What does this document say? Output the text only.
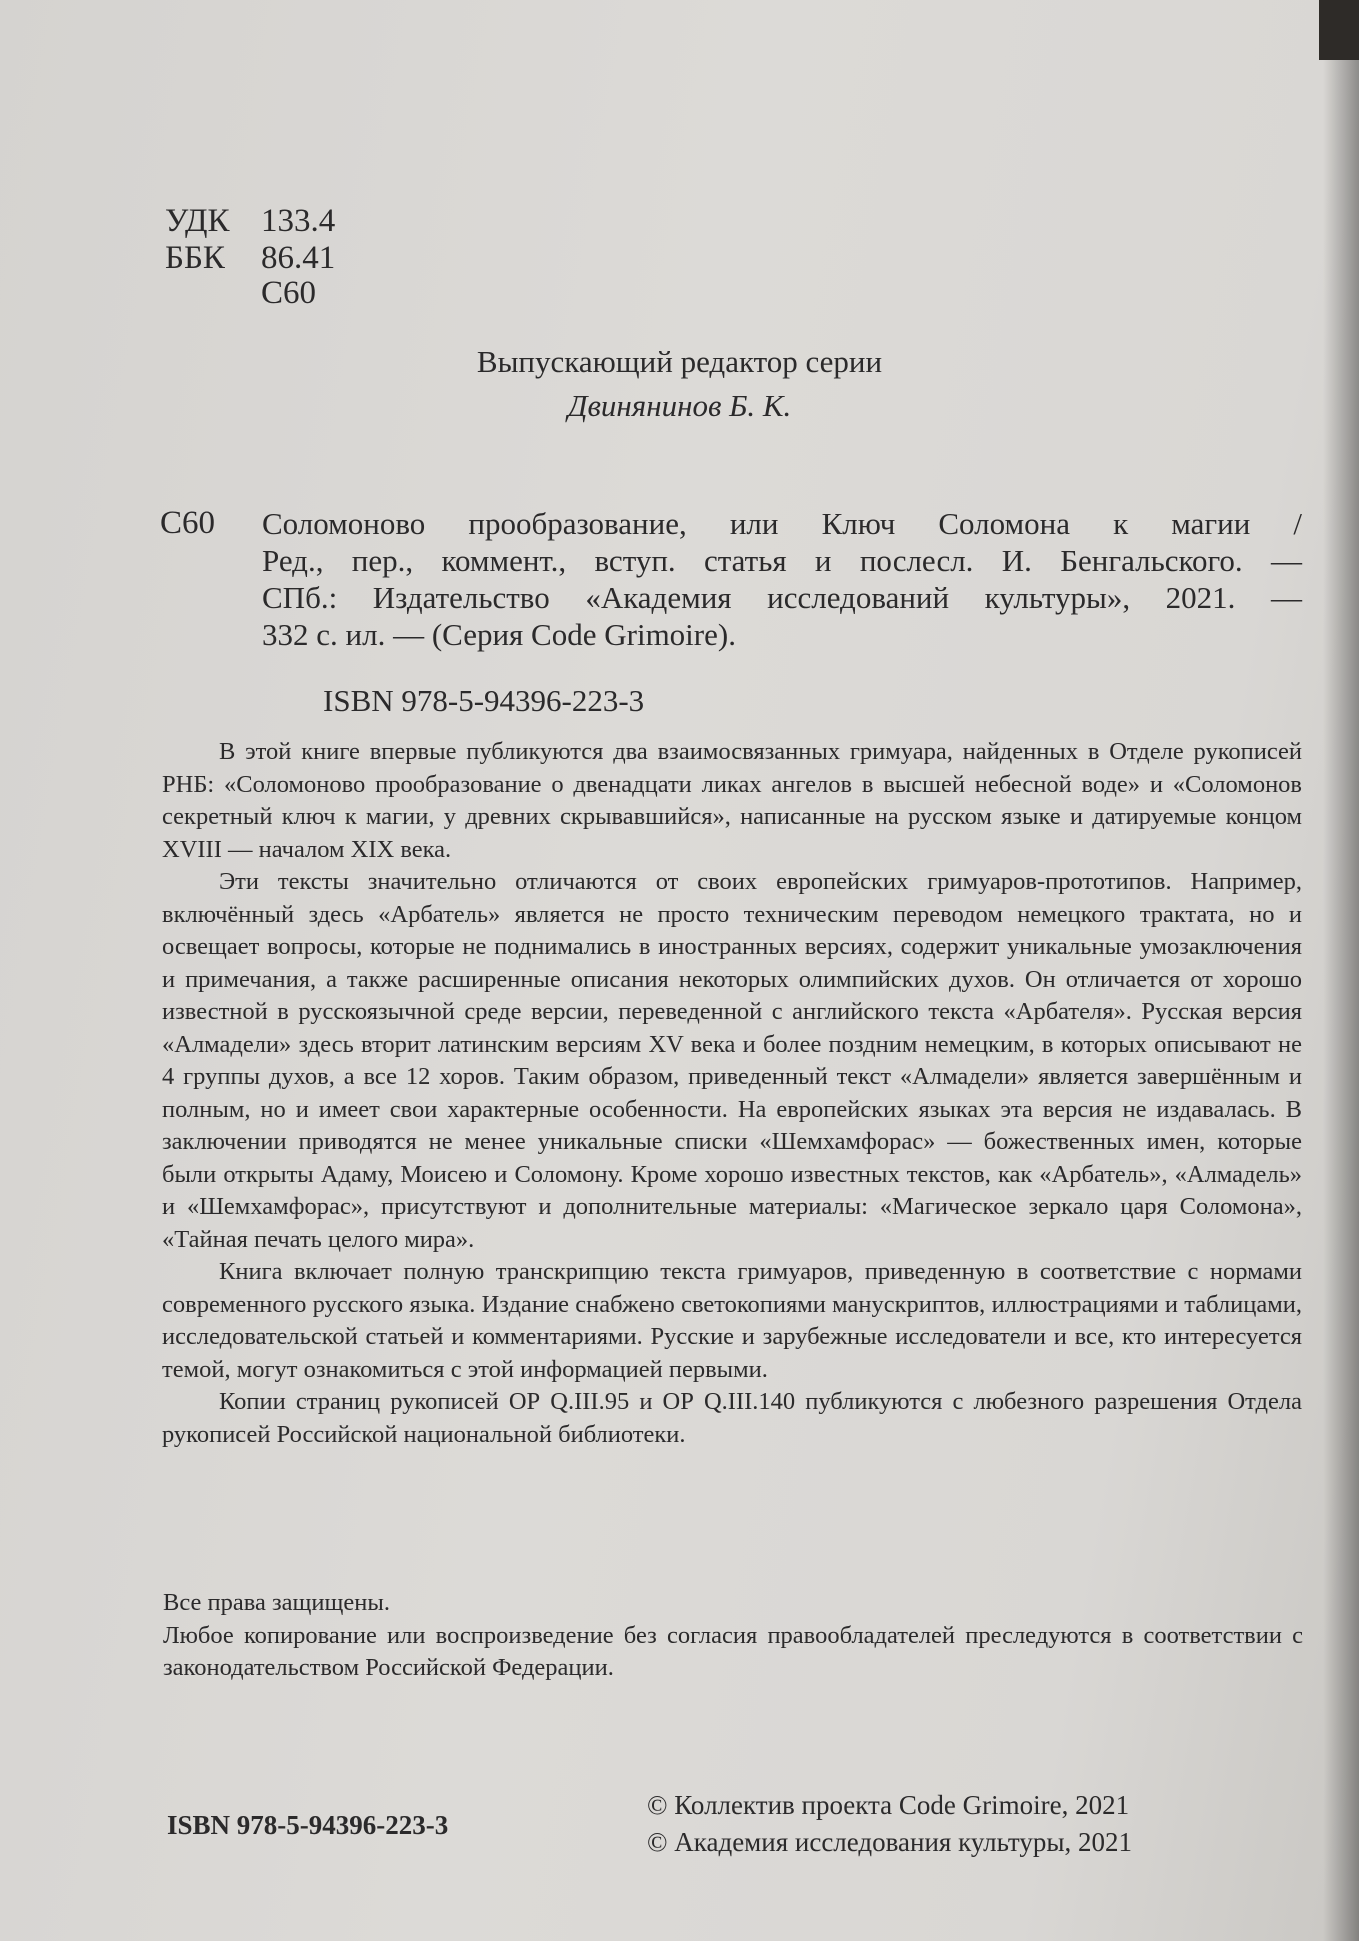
УДК 133.4
ББК 86.41
С60
Выпускающий редактор серии
Двинянинов Б. К.
С60 Соломоново прообразование, или Ключ Соломона к магии /
Ред., пер., коммент., вступ. статья и послесл. И. Бенгальского. —
СПб.: Издательство «Академия исследований культуры», 2021. —
332 с. ил. — (Серия Code Grimoire).
ISBN 978-5-94396-223-3

В этой книге впервые публикуются два взаимосвязанных гримуара, найденных в Отделе рукописей РНБ: «Соломоново прообразование о двенадцати ликах ангелов в высшей небесной воде» и «Соломонов секретный ключ к магии, у древних скрывавшийся», написанные на русском языке и датируемые концом XVIII — началом XIX века.

Эти тексты значительно отличаются от своих европейских гримуаров-прототипов. Например, включённый здесь «Арбатель» является не просто техническим переводом немецкого трактата, но и освещает вопросы, которые не поднимались в иностранных версиях, содержит уникальные умозаключения и примечания, а также расширенные описания некоторых олимпийских духов. Он отличается от хорошо известной в русскоязычной среде версии, переведенной с английского текста «Арбателя». Русская версия «Алмадели» здесь вторит латинским версиям XV века и более поздним немецким, в которых описывают не 4 группы духов, а все 12 хоров. Таким образом, приведенный текст «Алмадели» является завершённым и полным, но и имеет свои характерные особенности. На европейских языках эта версия не издавалась. В заключении приводятся не менее уникальные списки «Шемхамфорас» — божественных имен, которые были открыты Адаму, Моисею и Соломону. Кроме хорошо известных текстов, как «Арбатель», «Алмадель» и «Шемхамфорас», присутствуют и дополнительные материалы: «Магическое зеркало царя Соломона», «Тайная печать целого мира».

Книга включает полную транскрипцию текста гримуаров, приведенную в соответствие с нормами современного русского языка. Издание снабжено светокопиями манускриптов, иллюстрациями и таблицами, исследовательской статьей и комментариями. Русские и зарубежные исследователи и все, кто интересуется темой, могут ознакомиться с этой информацией первыми.

Копии страниц рукописей ОР Q.III.95 и ОР Q.III.140 публикуются с любезного разрешения Отдела рукописей Российской национальной библиотеки.

Все права защищены.

Любое копирование или воспроизведение без согласия правообладателей преследуются в соответствии с законодательством Российской Федерации.

ISBN 978-5-94396-223-3
© Коллектив проекта Code Grimoire, 2021
© Академия исследования культуры, 2021
